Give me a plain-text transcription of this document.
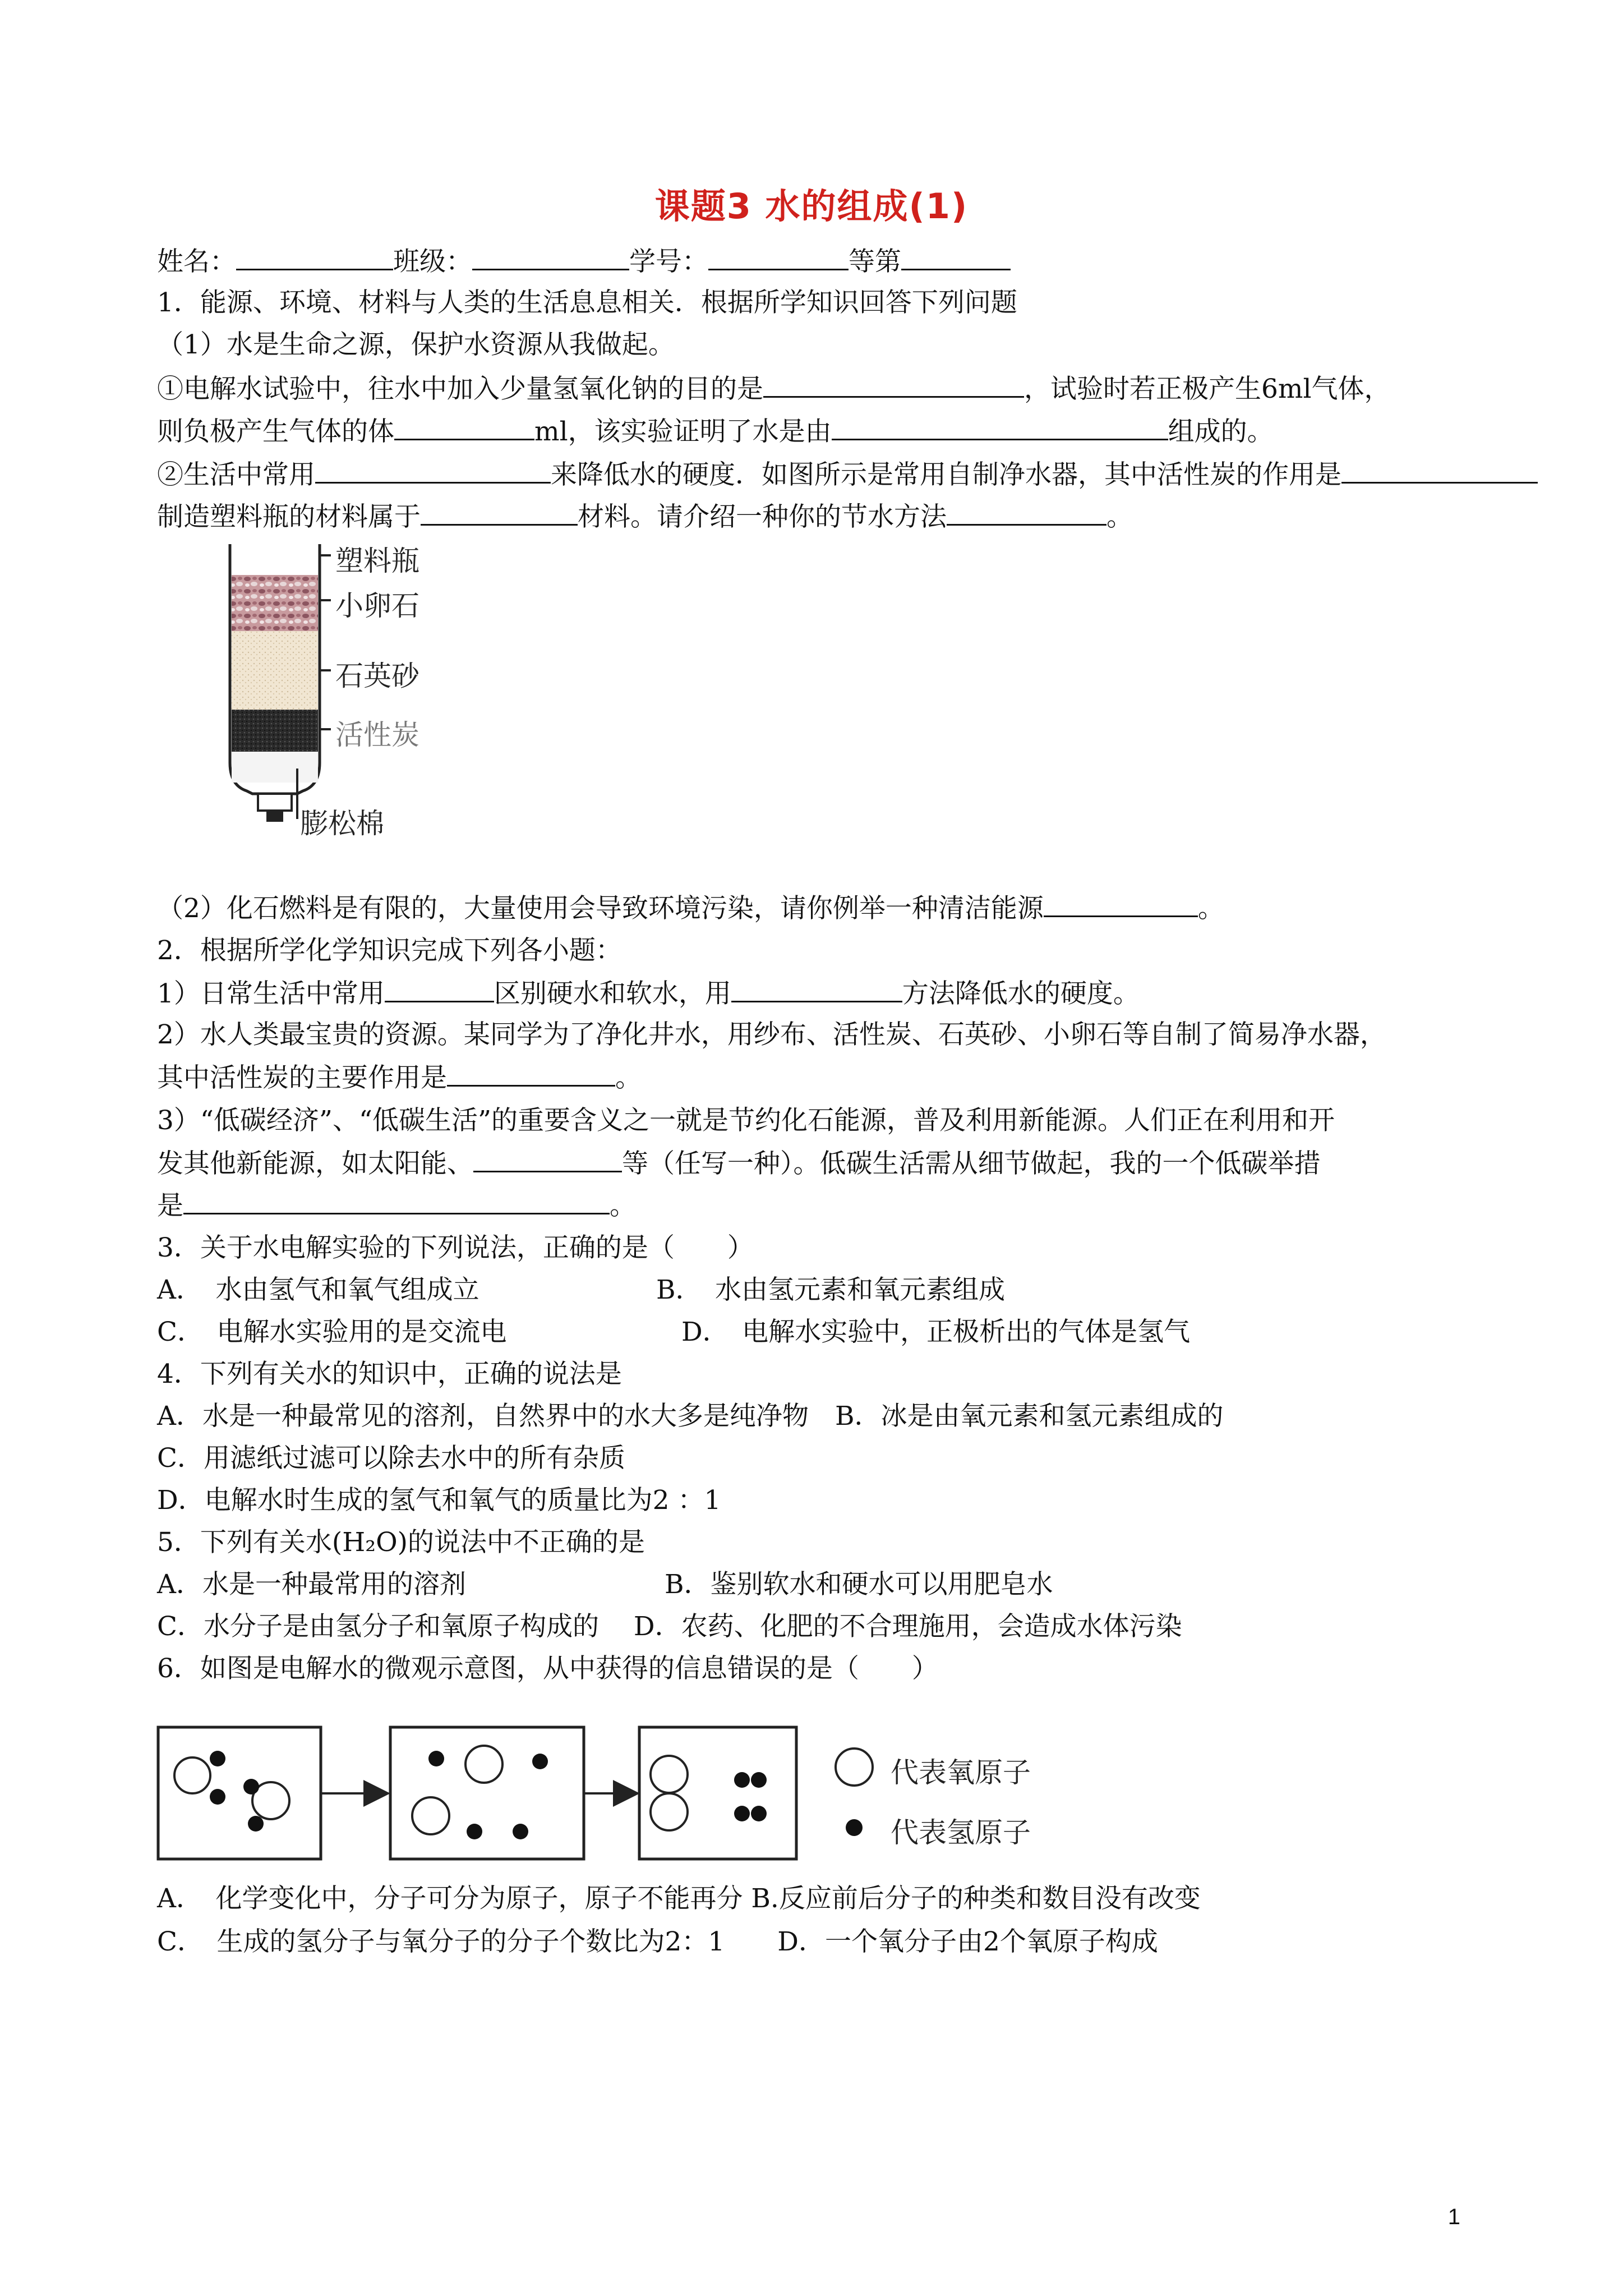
课题3 水的组成(1)
姓名：	班级：	学号：	等第
1．能源、环境、材料与人类的生活息息相关．根据所学知识回答下列问题
（1）水是生命之源，保护水资源从我做起。
①电解水试验中，往水中加入少量氢氧化钠的目的是	，试验时若正极产生6ml气体，
则负极产生气体的体	ml，该实验证明了水是由	组成的。
②生活中常用	来降低水的硬度．如图所示是常用自制净水器，其中活性炭的作用是
制造塑料瓶的材料属于	材料。请介绍一种你的节水方法	。
塑料瓶
小卵石
石英砂
活性炭
膨松棉
（2）化石燃料是有限的，大量使用会导致环境污染，请你例举一种清洁能源	。
2．根据所学化学知识完成下列各小题：
1）日常生活中常用	区别硬水和软水，用	方法降低水的硬度。
2）水人类最宝贵的资源。某同学为了净化井水，用纱布、活性炭、石英砂、小卵石等自制了简易净水器，
其中活性炭的主要作用是	。
3）“低碳经济”、“低碳生活”的重要含义之一就是节约化石能源，普及利用新能源。人们正在利用和开
发其他新能源，如太阳能、	等（任写一种）。低碳生活需从细节做起，我的一个低碳举措
是	。
3．关于水电解实验的下列说法，正确的是（　　）
A．　水由氢气和氧气组成立	B．　水由氢元素和氧元素组成
C．　电解水实验用的是交流电	D．　电解水实验中，正极析出的气体是氢气
4．下列有关水的知识中，正确的说法是
A．水是一种最常见的溶剂，自然界中的水大多是纯净物　B．冰是由氧元素和氢元素组成的
C．用滤纸过滤可以除去水中的所有杂质
D．电解水时生成的氢气和氧气的质量比为2 ：1
5．下列有关水(H₂O)的说法中不正确的是
A．水是一种最常用的溶剂	B．鉴别软水和硬水可以用肥皂水
C．水分子是由氢分子和氧原子构成的　 D．农药、化肥的不合理施用，会造成水体污染
6．如图是电解水的微观示意图，从中获得的信息错误的是（　　）
代表氧原子
代表氢原子
A．　化学变化中，分子可分为原子，原子不能再分 B.反应前后分子的种类和数目没有改变
C．　生成的氢分子与氧分子的分子个数比为2：1　　D．一个氧分子由2个氧原子构成
1
